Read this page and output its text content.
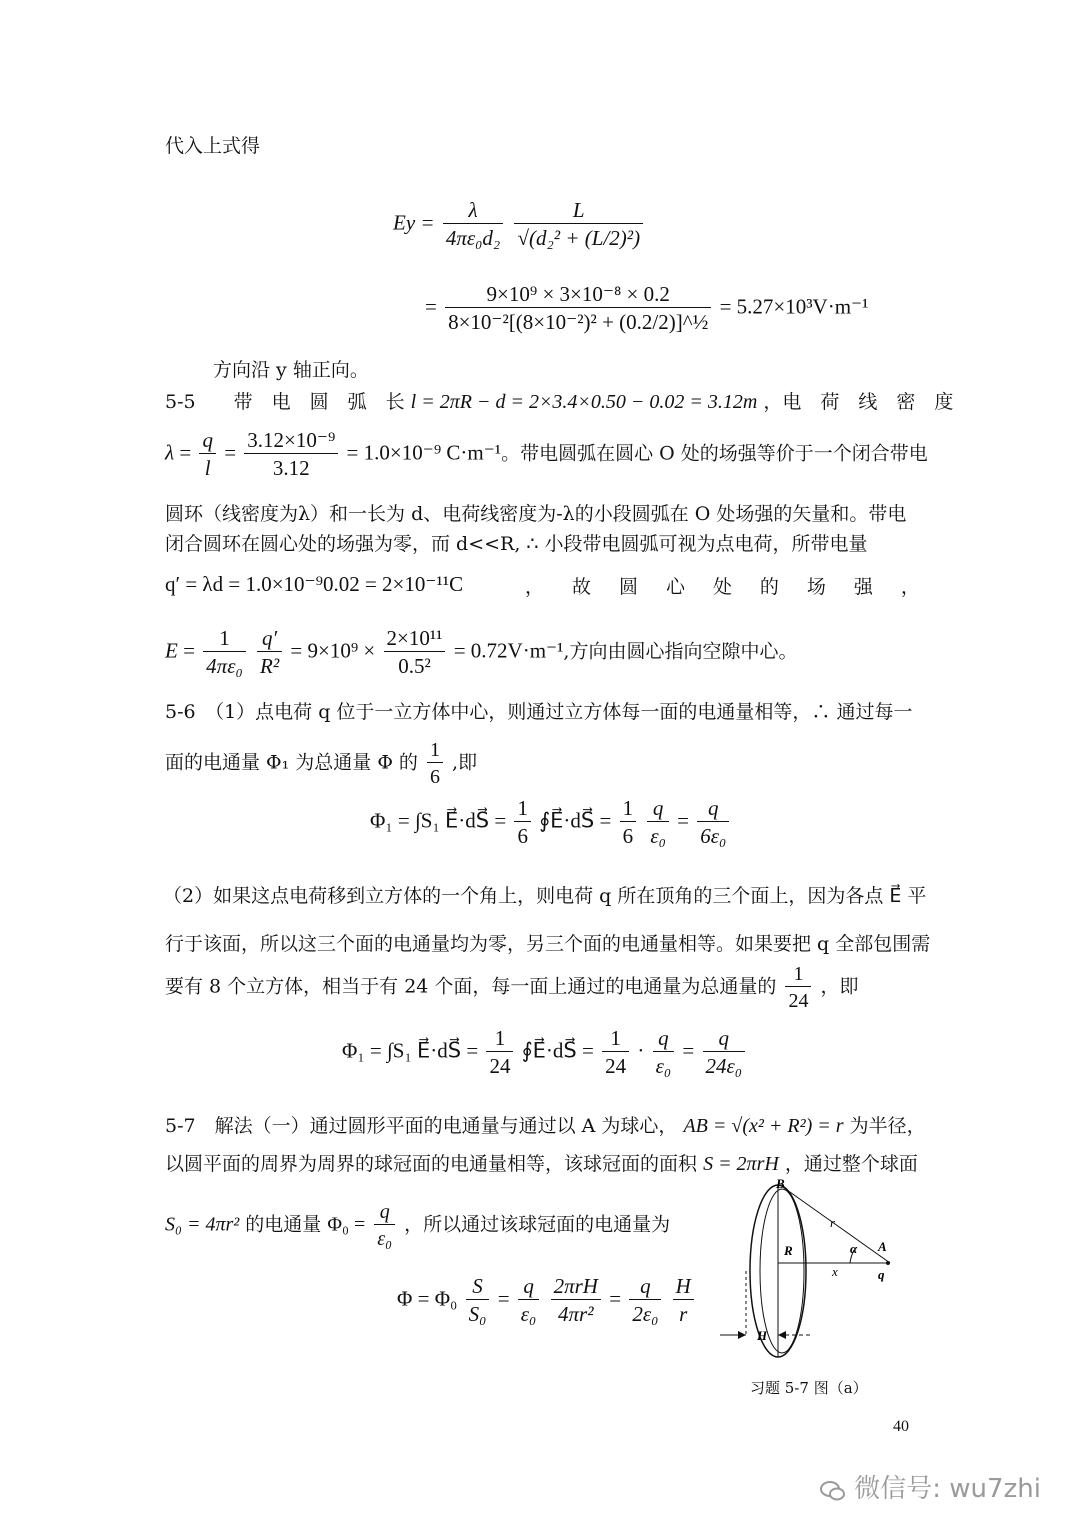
代入上式得
$Ey = \frac{\lambda}{\text{4πε₀d₂}}$
$\frac{L}{\text{√(d₂² + (L/2)²)}}$
= $\frac{\text{9×10⁹ × 3×10⁻⁸ × 0.2}}{\text{8×10⁻²[(8×10⁻²)² + (0.2/2)]\textasciicircum{}½}} = 5.27\times 10^3V\cdot m^{-1}$
方向沿 y 轴正向。
5-5　　带　电　圆　弧　长 l = 2πR − d = 2×3.4×0.50 − 0.02 = 3.12m ，电　荷　线　密　度
$\lambda = \frac{q}{l} = \frac{\text{3.12×10⁻⁹}}{3.12} = 1.0\times 10^{-9}$ C·m⁻¹。带电圆弧在圆心 O 处的场强等价于一个闭合带电
圆环（线密度为λ）和一长为 d、电荷线密度为-λ的小段圆弧在 O 处场强的矢量和。带电
闭合圆环在圆心处的场强为零，而 d<<R, ∴ 小段带电圆弧可视为点电荷，所带电量
q′ = λd = 1.0×10⁻⁹0.02 = 2×10⁻¹¹C	， 故 圆 心 处 的 场 强 ，
$E = \frac{1}{\text{4πε₀}}$
$\frac{q'}{\text{R²}} = 9\times 10^9 \times \frac{\text{2×10¹¹}}{\text{0.5²}} = 0.72V\cdot m^{-1}$,方向由圆心指向空隙中心。
5-6　（1）点电荷 q 位于一立方体中心，则通过立方体每一面的电通量相等，∴ 通过每一
面的电通量 Φ₁ 为总通量 Φ 的 $\frac{1}{6}$ ,即
Φ₁ = ∫S₁ E⃗·dS⃗ = $\frac{1}{6}$ ∮E⃗·dS⃗ = $\frac{1}{6}$
$\frac{q}{\text{ε₀}} = \frac{q}{\text{6ε₀}}$
（2）如果这点电荷移到立方体的一个角上，则电荷 q 所在顶角的三个面上，因为各点 E⃗ 平
行于该面，所以这三个面的电通量均为零，另三个面的电通量相等。如果要把 q 全部包围需
要有 8 个立方体，相当于有 24 个面，每一面上通过的电通量为总通量的 $\frac{1}{24}$ ，即
Φ₁ = ∫S₁ E⃗·dS⃗ = $\frac{1}{24}$ ∮E⃗·dS⃗ = $\frac{1}{24} \cdot \frac{q}{\text{ε₀}} = \frac{q}{\text{24ε₀}}$
5-7　解法（一）通过圆形平面的电通量与通过以 A 为球心， AB = √(x² + R²) = r 为半径，
以圆平面的周界为周界的球冠面的电通量相等，该球冠面的面积 S = 2πrH ，通过整个球面
S₀ = 4πr² 的电通量 $\Phi_0 = \frac{q}{\text{ε₀}}$ ，所以通过该球冠面的电通量为
$\Phi = \Phi_0 \frac{S}{\text{S₀}} = \frac{q}{\text{ε₀}}$
$\frac{\text{2πrH}}{\text{4πr²}} = \frac{q}{\text{2ε₀}}$
$\frac{H}{r}$
B
R
r
α A
x	q
H
习题 5-7 图（a）
40
微信号: wu7zhi
